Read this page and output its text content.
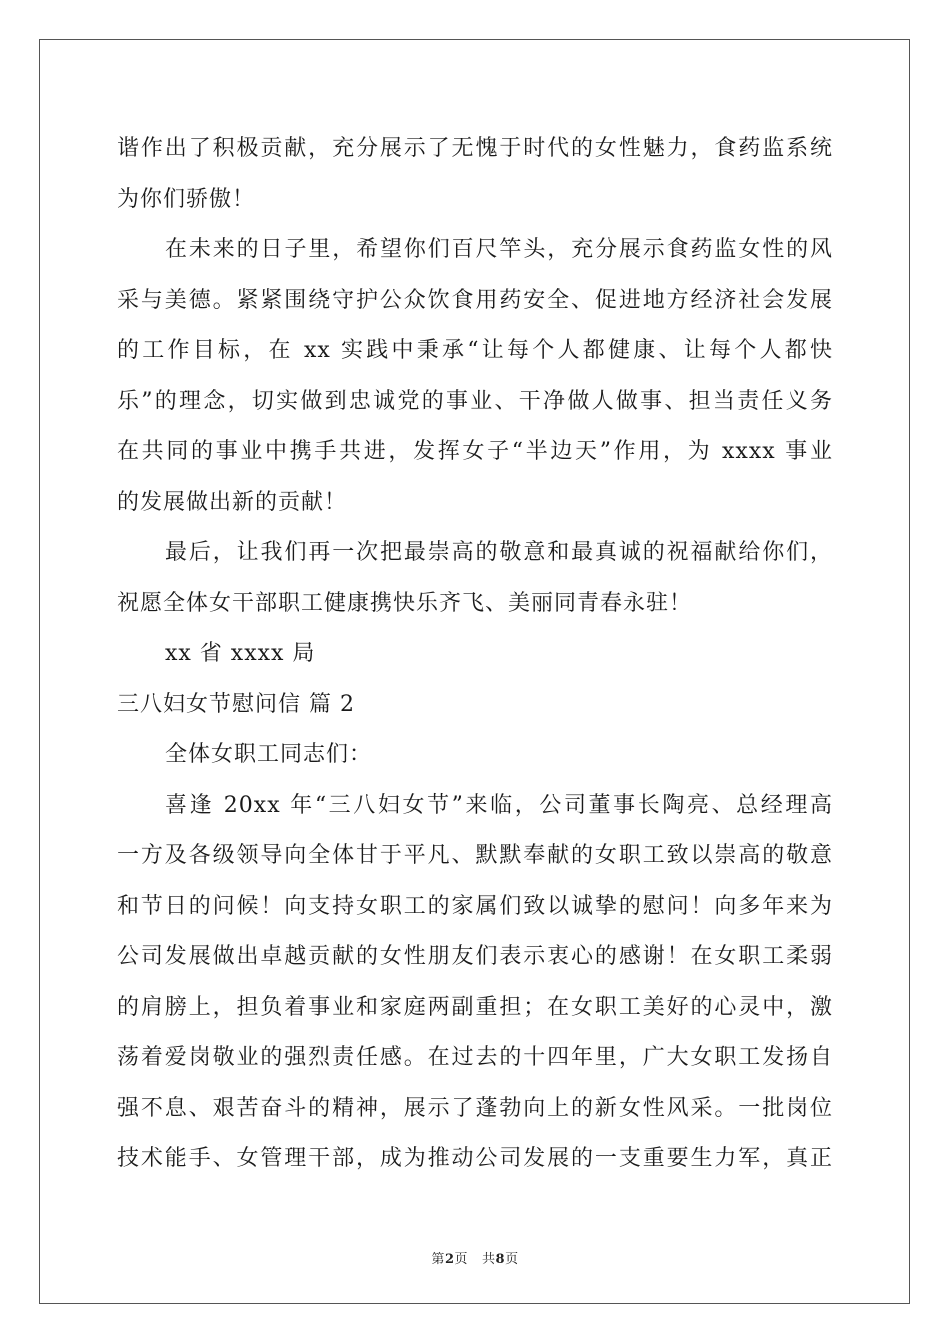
谐作出了积极贡献，充分展示了无愧于时代的女性魅力，食药监系统
为你们骄傲！
在未来的日子里，希望你们百尺竿头，充分展示食药监女性的风
采与美德。紧紧围绕守护公众饮食用药安全、促进地方经济社会发展
的工作目标，在 xx 实践中秉承“让每个人都健康、让每个人都快
乐”的理念，切实做到忠诚党的事业、干净做人做事、担当责任义务
在共同的事业中携手共进，发挥女子“半边天”作用，为 xxxx 事业
的发展做出新的贡献！
最后，让我们再一次把最崇高的敬意和最真诚的祝福献给你们，
祝愿全体女干部职工健康携快乐齐飞、美丽同青春永驻！
xx 省 xxxx 局
三八妇女节慰问信 篇 2
全体女职工同志们：
喜逢 20xx 年“三八妇女节”来临，公司董事长陶亮、总经理高
一方及各级领导向全体甘于平凡、默默奉献的女职工致以崇高的敬意
和节日的问候！向支持女职工的家属们致以诚挚的慰问！向多年来为
公司发展做出卓越贡献的女性朋友们表示衷心的感谢！在女职工柔弱
的肩膀上，担负着事业和家庭两副重担；在女职工美好的心灵中，激
荡着爱岗敬业的强烈责任感。在过去的十四年里，广大女职工发扬自
强不息、艰苦奋斗的精神，展示了蓬勃向上的新女性风采。一批岗位
技术能手、女管理干部，成为推动公司发展的一支重要生力军，真正
第2页 共8页
